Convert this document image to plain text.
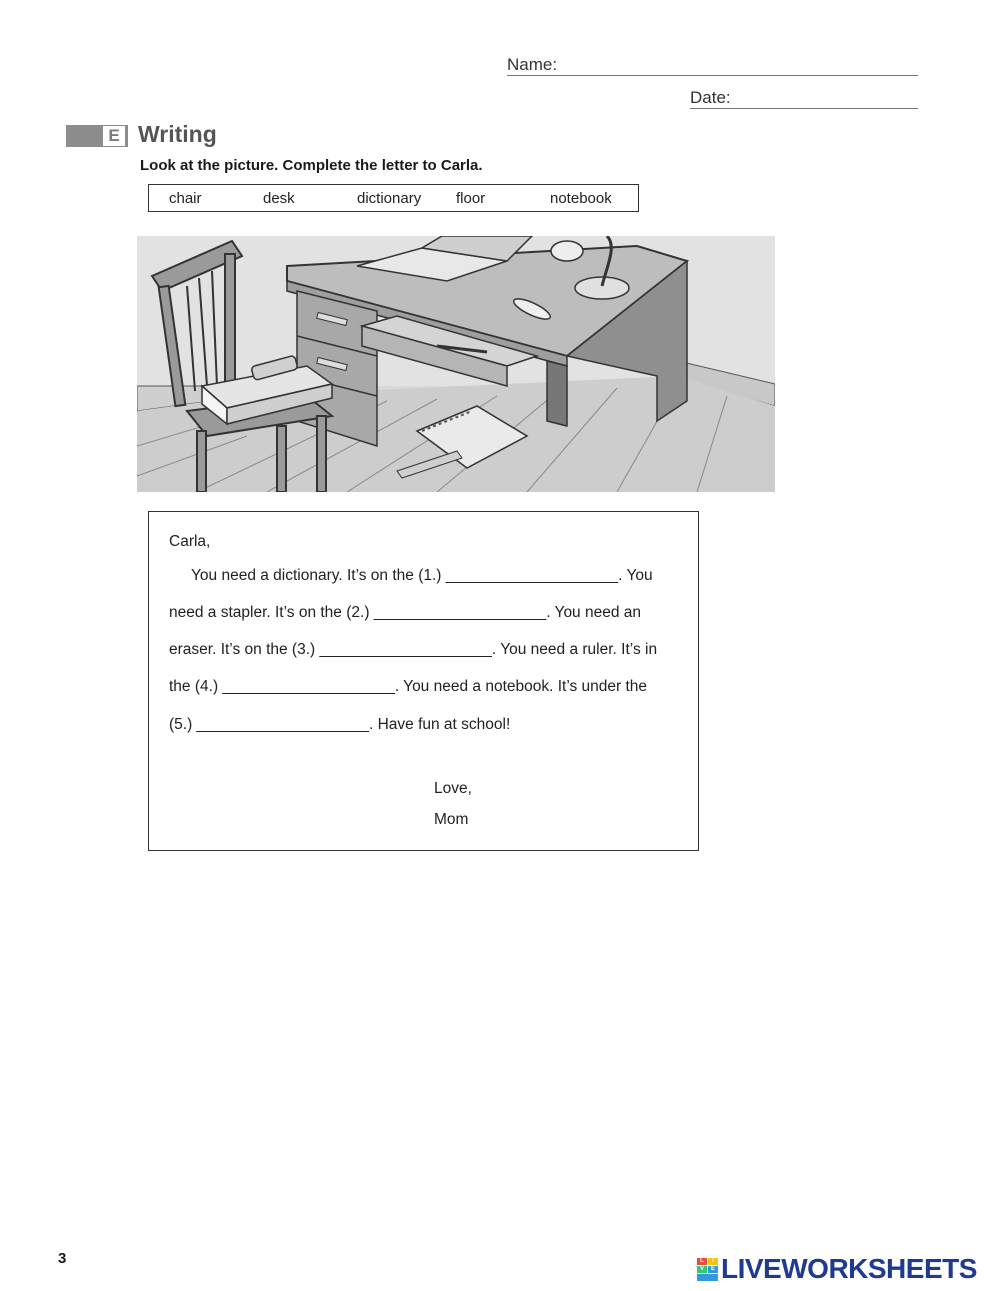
Name:
Date:
E Writing
Look at the picture. Complete the letter to Carla.
chair	desk	dictionary floor	notebook
Carla,
You need a dictionary. It’s on the (1.) ____________________. You
need a stapler. It’s on the (2.) ____________________. You need an
eraser. It’s on the (3.) ____________________. You need a ruler. It’s in
the (4.) ____________________. You need a notebook. It’s under the
(5.) ____________________. Have fun at school!
Love,
Mom
3	L	I
V	E LIVEWORKSHEETS
